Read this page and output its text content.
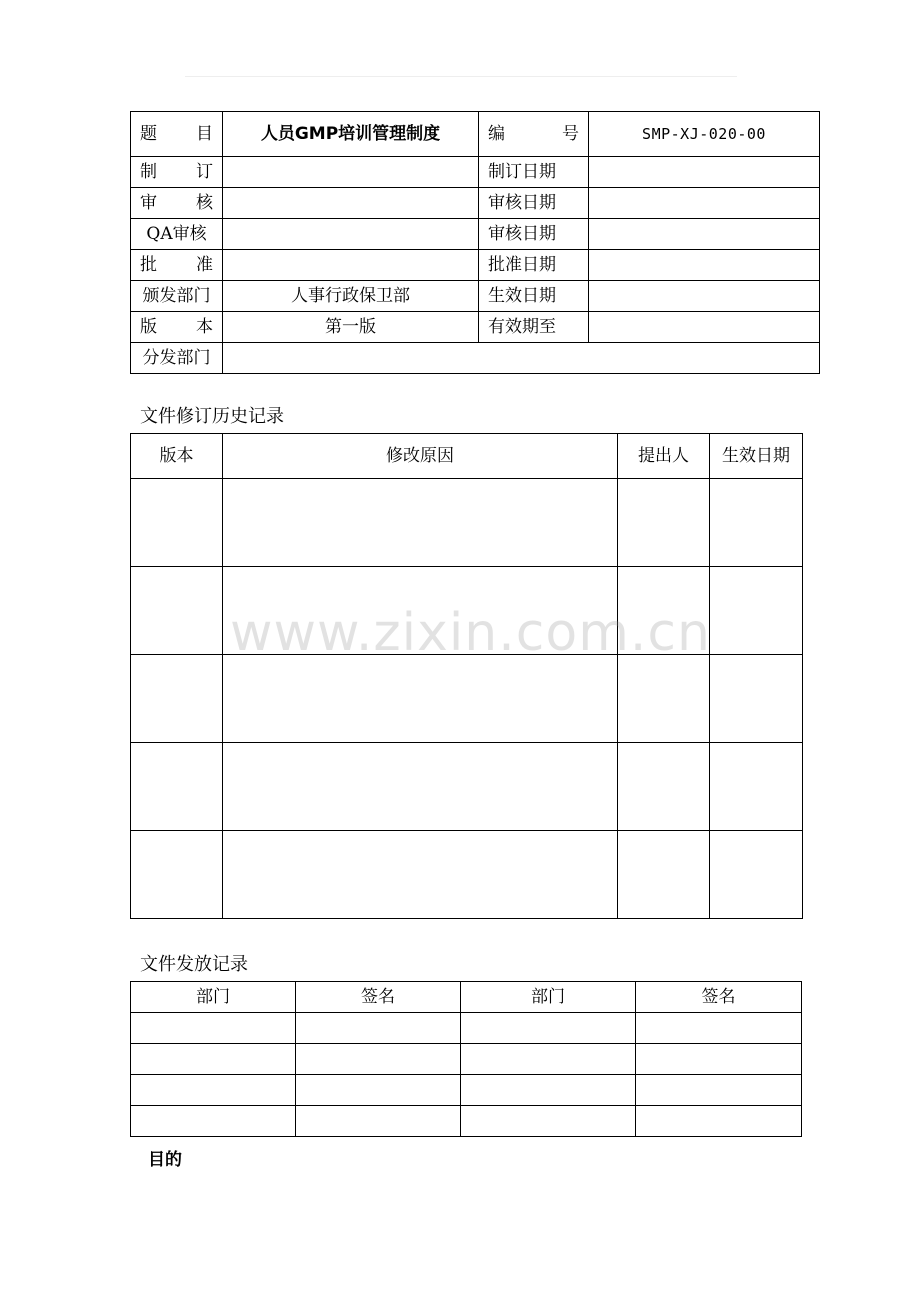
题 目	人员GMP培训管理制度	编 号	SMP-XJ-020-00

制 订		制订日期	

审 核		审核日期	
QA审核		审核日期	

批 准		批准日期	
颁发部门	人事行政保卫部	生效日期	

版 本	第一版	有效期至	
分发部门			
文件修订历史记录
版本	修改原因	提出人	生效日期

www.zixin.com.cn
文件发放记录
部门	签名	部门	签名

目的
